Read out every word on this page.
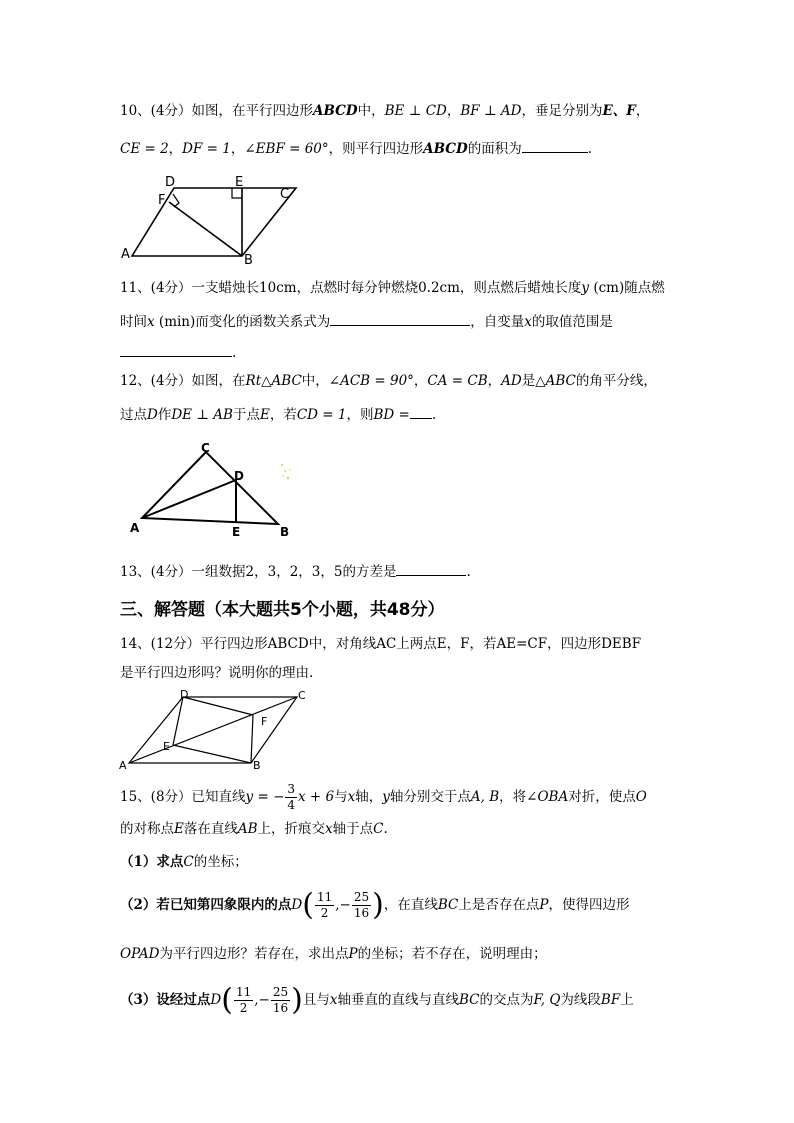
10、(4分）如图，在平行四边形ABCD中，BE ⊥ CD，BF ⊥ AD，垂足分别为E、F，
CE = 2，DF = 1，∠EBF = 60°，则平行四边形ABCD的面积为	.
D	E
C
F
A	B
11、(4分）一支蜡烛长10cm，点燃时每分钟燃烧0.2cm，则点燃后蜡烛长度y (cm)随点燃
时间x (min)而变化的函数关系式为	，自变量x的取值范围是
.
12、(4分）如图，在Rt△ABC中，∠ACB = 90°，CA = CB，AD是△ABC的角平分线，
过点D作DE ⊥ AB于点E，若CD = 1，则BD = .
C
D
A	E	B
13、(4分）一组数据2，3，2，3，5的方差是	.
三、解答题（本大题共5个小题，共48分）
14、(12分）平行四边形ABCD中，对角线AC上两点E，F，若AE=CF，四边形DEBF
是平行四边形吗？说明你的理由.
D	C
F
E
A	B
15、(8分）已知直线y = − $\frac{3}{4}$ x + 6与x轴，y轴分别交于点A, B，将∠OBA对折，使点O
的对称点E落在直线AB上，折痕交x轴于点C.
（1）求点C的坐标；
（2）若已知第四象限内的点$D( \frac{11}{2}$ ,− $\frac{25}{16}$ )，在直线BC上是否存在点P，使得四边形
OPAD为平行四边形？若存在，求出点P的坐标；若不存在，说明理由；
（3）设经过点$D( \frac{11}{2}$ ,− $\frac{25}{16}$ )且与x轴垂直的直线与直线BC的交点为F, Q为线段BF上
